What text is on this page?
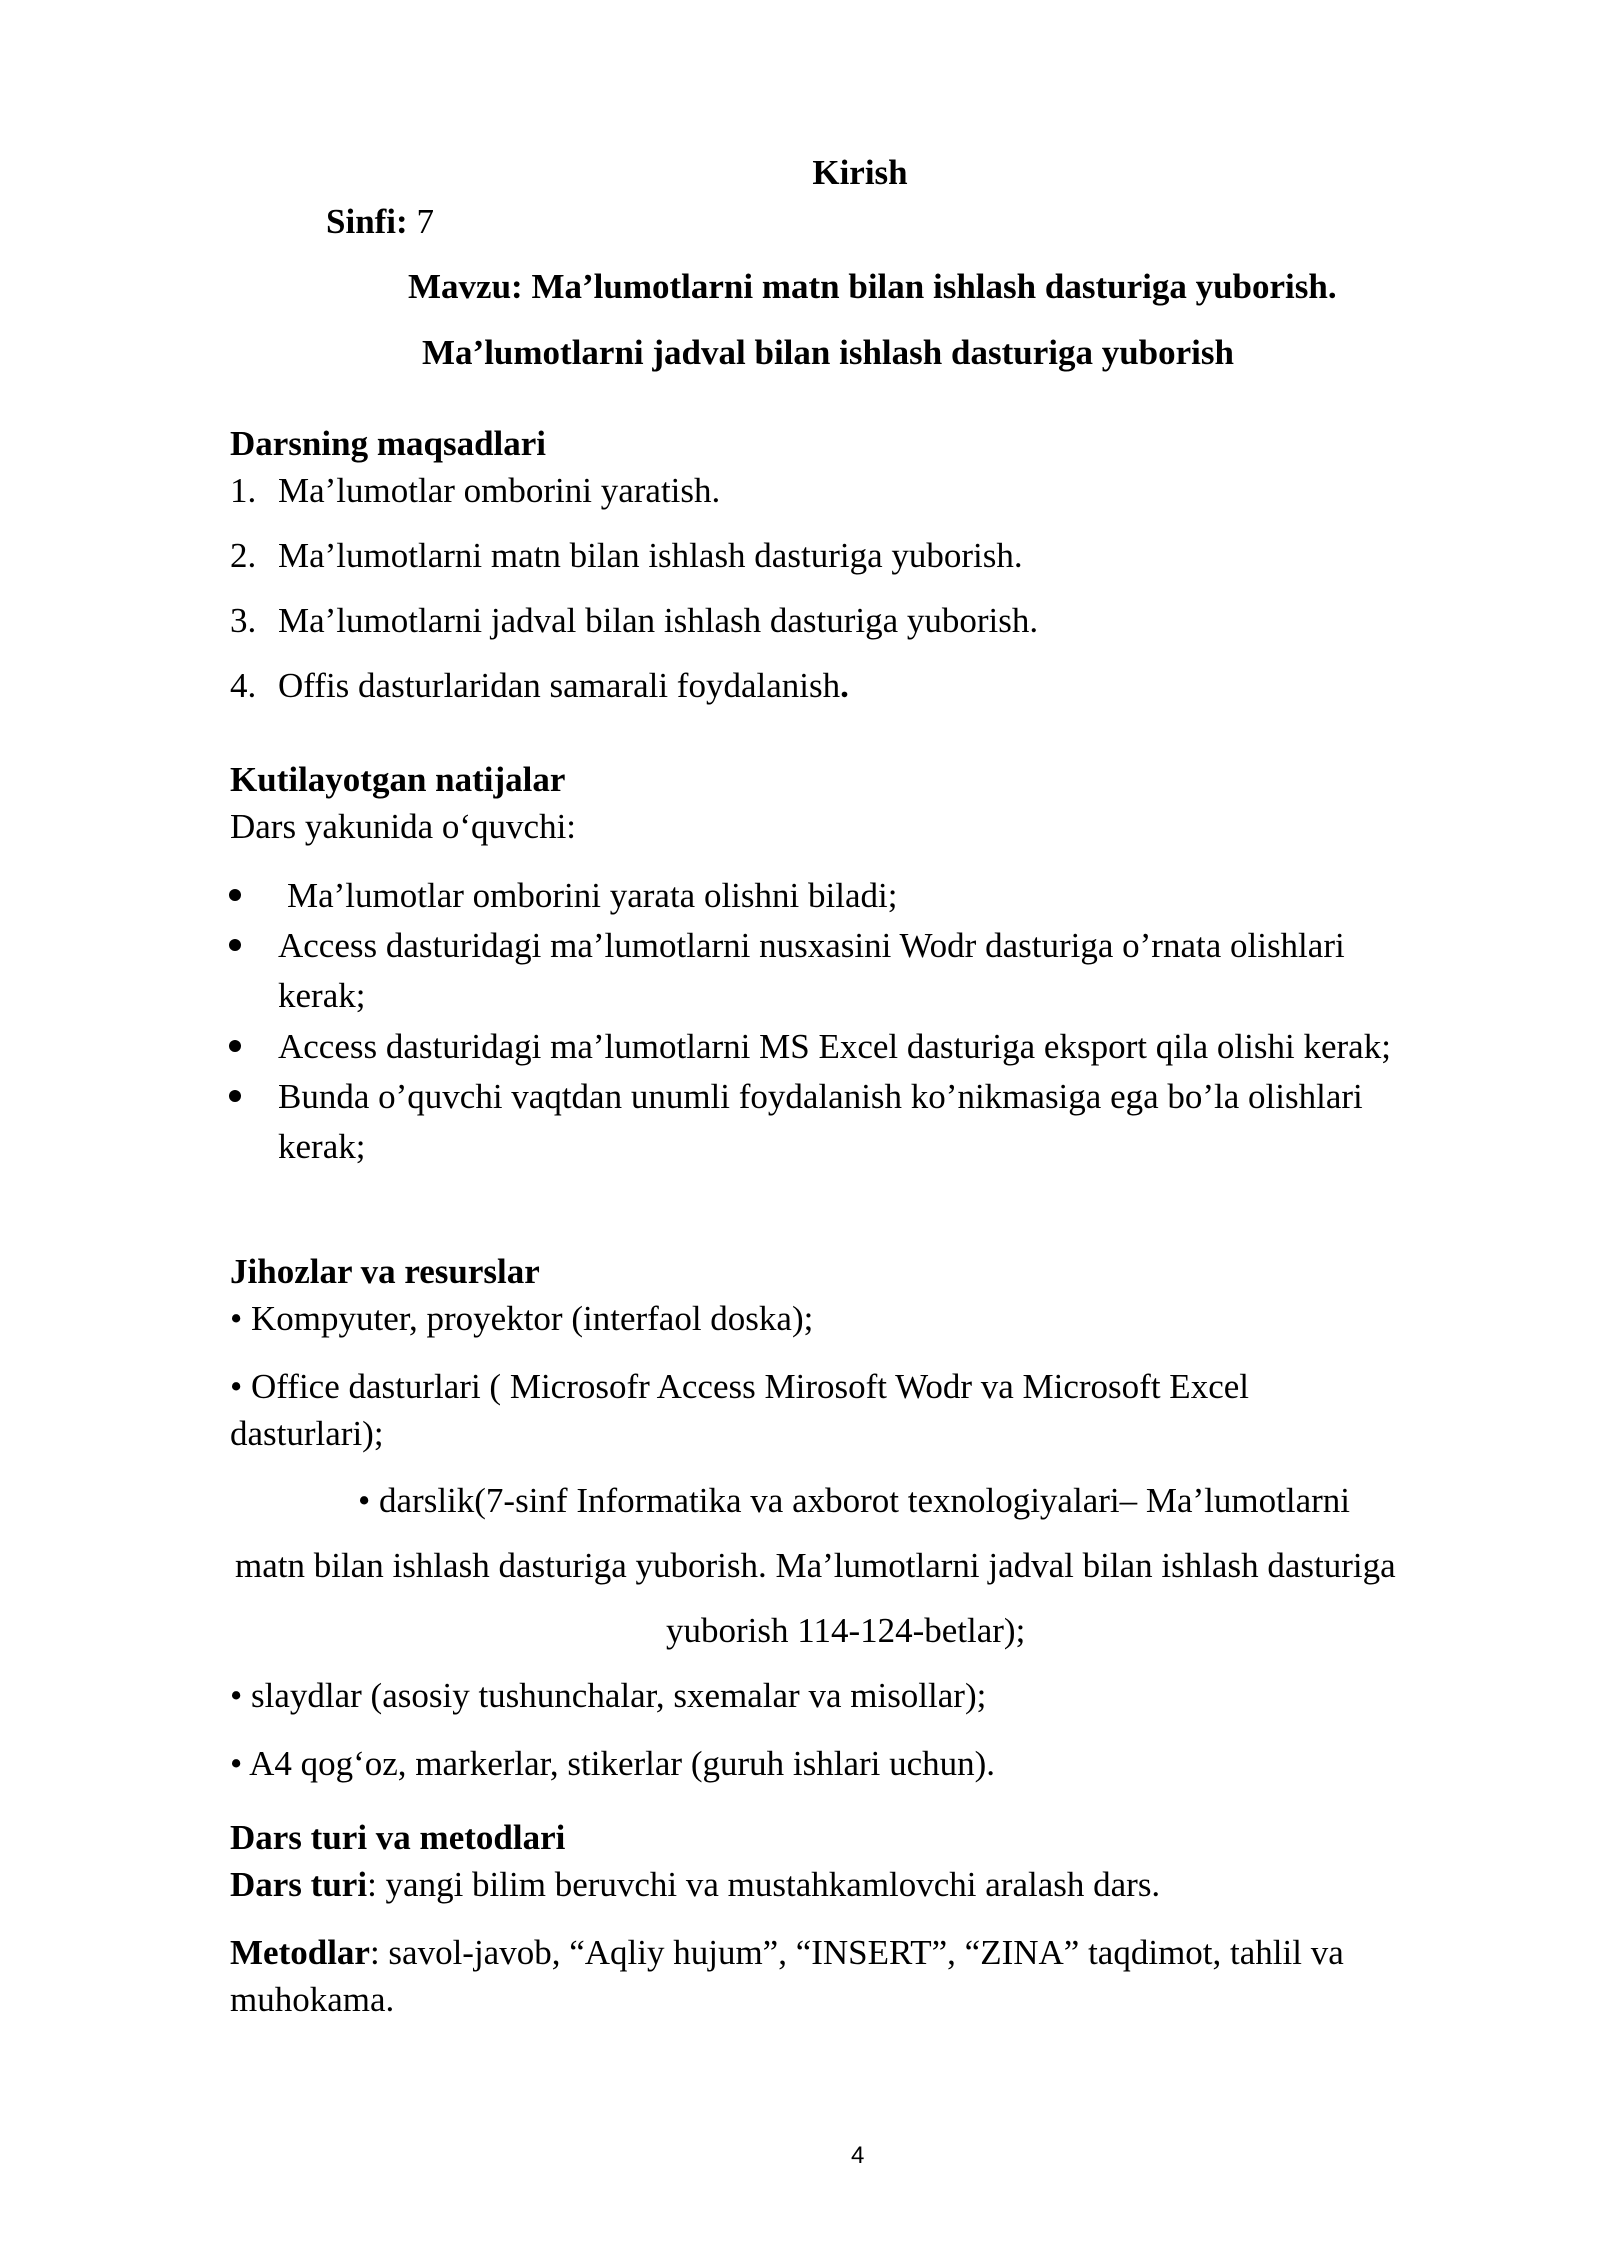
Kirish
Sinfi: 7
Mavzu: Ma’lumotlarni matn bilan ishlash dasturiga yuborish.
Ma’lumotlarni jadval bilan ishlash dasturiga yuborish
Darsning maqsadlari
1. Ma’lumotlar omborini yaratish.
2. Ma’lumotlarni matn bilan ishlash dasturiga yuborish.
3. Ma’lumotlarni jadval bilan ishlash dasturiga yuborish.
4. Offis dasturlaridan samarali foydalanish.
Kutilayotgan natijalar
Dars yakunida o‘quvchi:
Ma’lumotlar omborini yarata olishni biladi;
Access dasturidagi ma’lumotlarni nusxasini Wodr dasturiga o’rnata olishlari
kerak;
Access dasturidagi ma’lumotlarni MS Excel dasturiga eksport qila olishi kerak;
Bunda o’quvchi vaqtdan unumli foydalanish ko’nikmasiga ega bo’la olishlari
kerak;
Jihozlar va resurslar
• Kompyuter, proyektor (interfaol doska);
• Office dasturlari ( Microsofr Access Mirosoft Wodr va Microsoft Excel
dasturlari);
• darslik(7-sinf Informatika va axborot texnologiyalari– Ma’lumotlarni
matn bilan ishlash dasturiga yuborish. Ma’lumotlarni jadval bilan ishlash dasturiga
yuborish 114-124-betlar);
• slaydlar (asosiy tushunchalar, sxemalar va misollar);
• A4 qog‘oz, markerlar, stikerlar (guruh ishlari uchun).
Dars turi va metodlari
Dars turi: yangi bilim beruvchi va mustahkamlovchi aralash dars.
Metodlar: savol-javob, “Aqliy hujum”, “INSERT”, “ZINA” taqdimot, tahlil va
muhokama.
4
